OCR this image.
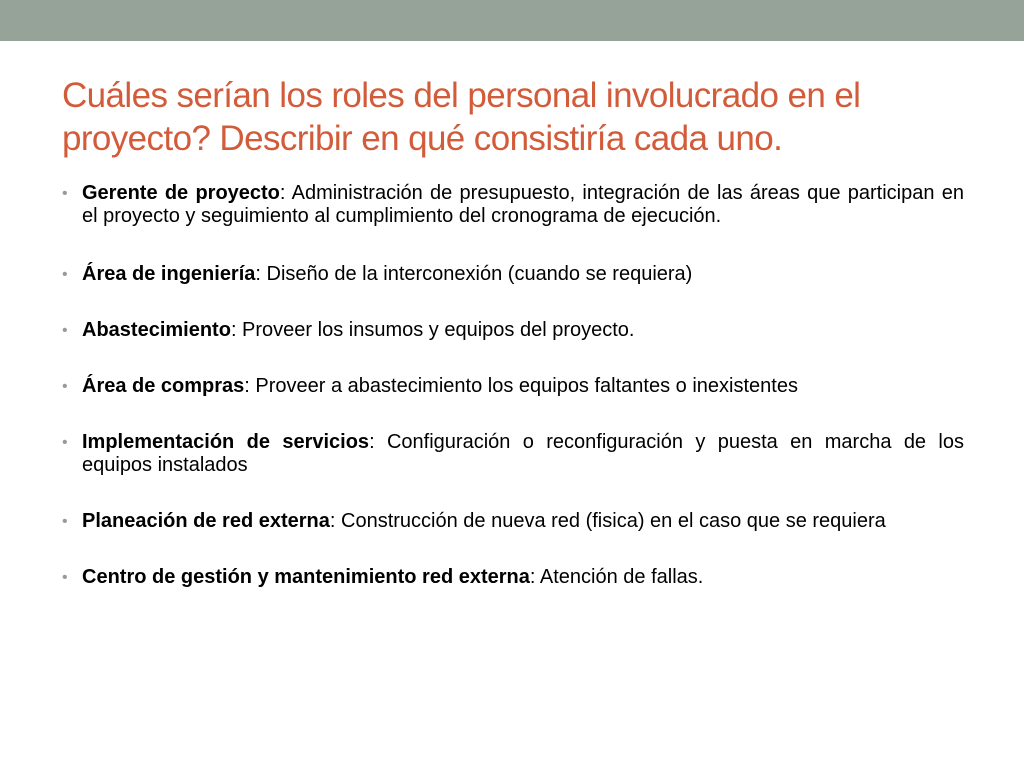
Cuáles serían los roles del personal involucrado en el proyecto? Describir en qué consistiría cada uno.
• Gerente de proyecto: Administración de presupuesto, integración de las áreas que participan en el proyecto y seguimiento al cumplimiento del cronograma de ejecución.
• Área de ingeniería: Diseño de la interconexión (cuando se requiera)
• Abastecimiento: Proveer los insumos y equipos del proyecto.
• Área de compras: Proveer a abastecimiento los equipos faltantes o inexistentes
• Implementación de servicios: Configuración o reconfiguración y puesta en marcha de los equipos instalados
• Planeación de red externa: Construcción de nueva red (fisica) en el caso que se requiera
• Centro de gestión y mantenimiento red externa: Atención de fallas.
